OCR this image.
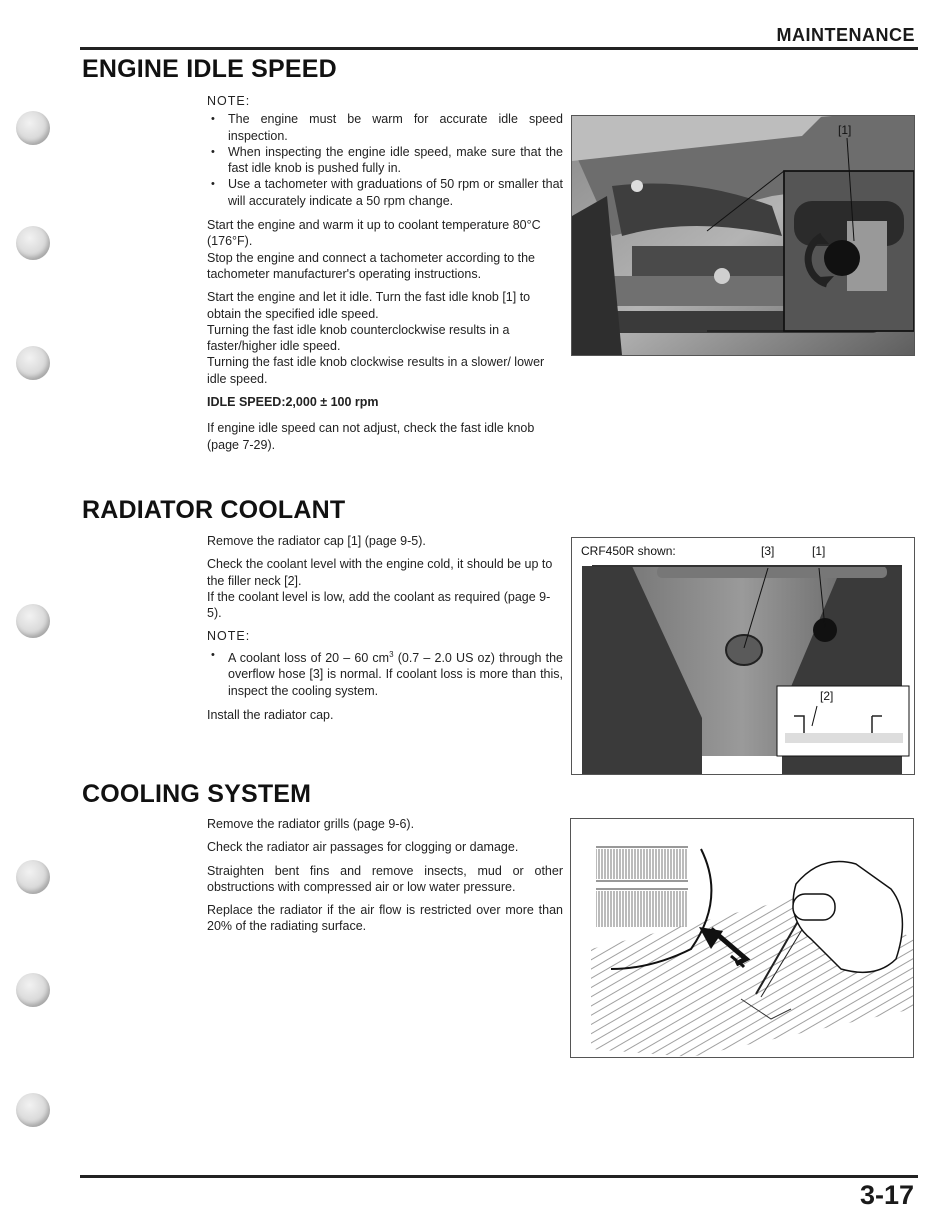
MAINTENANCE
ENGINE IDLE SPEED
NOTE:
• The engine must be warm for accurate idle speed inspection.
• When inspecting the engine idle speed, make sure that the fast idle knob is pushed fully in.
• Use a tachometer with graduations of 50 rpm or smaller that will accurately indicate a 50 rpm change.

Start the engine and warm it up to coolant temperature 80°C (176°F).
Stop the engine and connect a tachometer according to the tachometer manufacturer's operating instructions.

Start the engine and let it idle. Turn the fast idle knob [1] to obtain the specified idle speed.
Turning the fast idle knob counterclockwise results in a faster/higher idle speed.
Turning the fast idle knob clockwise results in a slower/ lower idle speed.

IDLE SPEED:2,000 ± 100 rpm

If engine idle speed can not adjust, check the fast idle knob (page 7-29).

[1]
RADIATOR COOLANT

Remove the radiator cap [1] (page 9-5).

Check the coolant level with the engine cold, it should be up to the filler neck [2].
If the coolant level is low, add the coolant as required (page 9-5).

NOTE:
• A coolant loss of 20 – 60 $cm^3$ (0.7 – 2.0 US oz) through the overflow hose [3] is normal. If coolant loss is more than this, inspect the cooling system.

Install the radiator cap.

CRF450R shown:	[3]	[1]
[2]
COOLING SYSTEM

Remove the radiator grills (page 9-6).

Check the radiator air passages for clogging or damage.

Straighten bent fins and remove insects, mud or other obstructions with compressed air or low water pressure.

Replace the radiator if the air flow is restricted over more than 20% of the radiating surface.

3-17
